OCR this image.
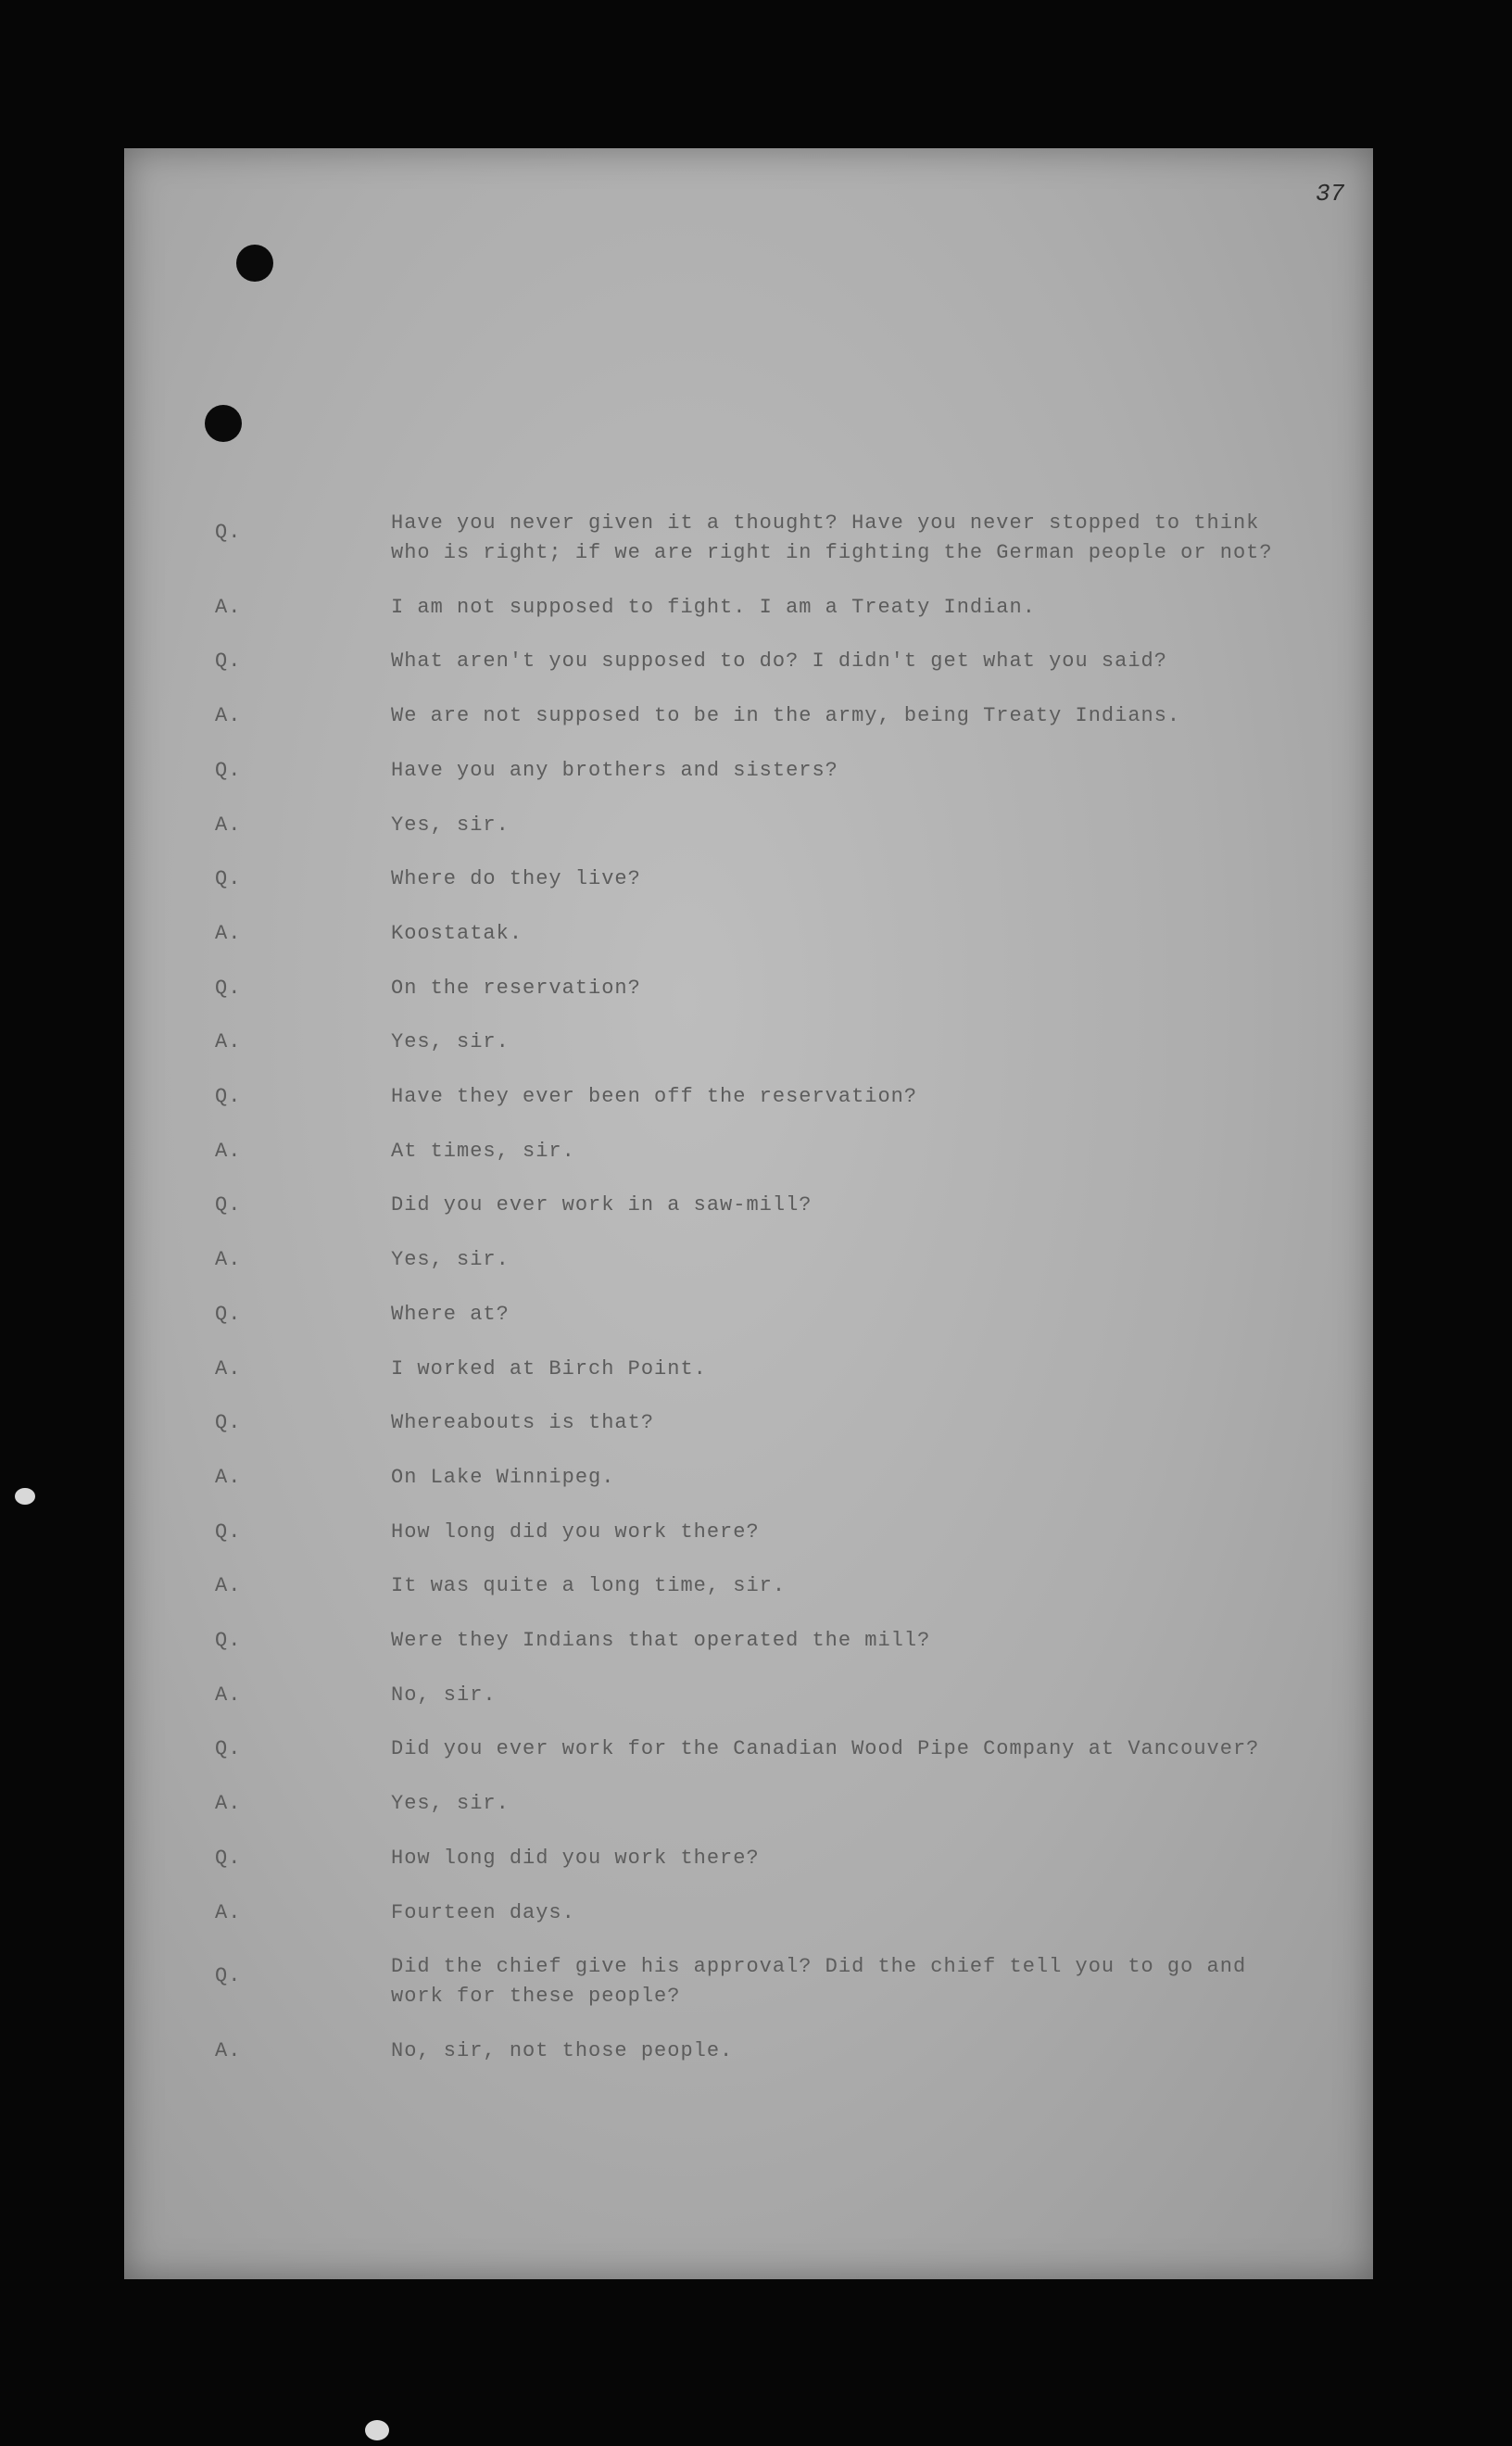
37
Q.	Have you never given it a thought? Have you never stopped to think
who is right; if we are right in fighting the German people or not?
A.	I am not supposed to fight. I am a Treaty Indian.
Q.	What aren't you supposed to do? I didn't get what you said?
A.	We are not supposed to be in the army, being Treaty Indians.
Q.	Have you any brothers and sisters?
A.	Yes, sir.
Q.	Where do they live?
A.	Koostatak.
Q.	On the reservation?
A.	Yes, sir.
Q.	Have they ever been off the reservation?
A.	At times, sir.
Q.	Did you ever work in a saw-mill?
A.	Yes, sir.
Q.	Where at?
A.	I worked at Birch Point.
Q.	Whereabouts is that?
A.	On Lake Winnipeg.
Q.	How long did you work there?
A.	It was quite a long time, sir.
Q.	Were they Indians that operated the mill?
A.	No, sir.
Q.	Did you ever work for the Canadian Wood Pipe Company at Vancouver?
A.	Yes, sir.
Q.	How long did you work there?
A.	Fourteen days.
Q.	Did the chief give his approval? Did the chief tell you to go and
work for these people?
A.	No, sir, not those people.
